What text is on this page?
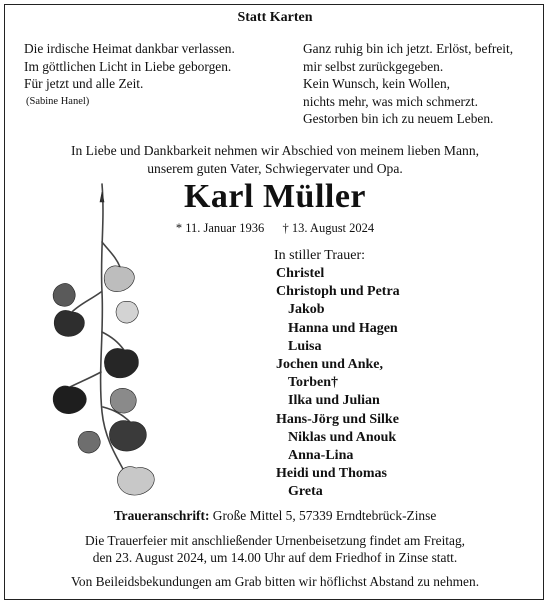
Statt Karten
Die irdische Heimat dankbar verlassen.
Im göttlichen Licht in Liebe geborgen.
Für jetzt und alle Zeit.
(Sabine Hanel)
Ganz ruhig bin ich jetzt. Erlöst, befreit,
mir selbst zurückgegeben.
Kein Wunsch, kein Wollen,
nichts mehr, was mich schmerzt.
Gestorben bin ich zu neuem Leben.
In Liebe und Dankbarkeit nehmen wir Abschied von meinem lieben Mann,
unserem guten Vater, Schwiegervater und Opa.
Karl Müller
* 11. Januar 1936 † 13. August 2024
In stiller Trauer:
Christel
Christoph und Petra
Jakob
Hanna und Hagen
Luisa
Jochen und Anke,
Torben†
Ilka und Julian
Hans-Jörg und Silke
Niklas und Anouk
Anna-Lina
Heidi und Thomas
Greta
Traueranschrift: Große Mittel 5, 57339 Erndtebrück-Zinse
Die Trauerfeier mit anschließender Urnenbeisetzung findet am Freitag,
den 23. August 2024, um 14.00 Uhr auf dem Friedhof in Zinse statt.
Von Beileidsbekundungen am Grab bitten wir höflichst Abstand zu nehmen.
